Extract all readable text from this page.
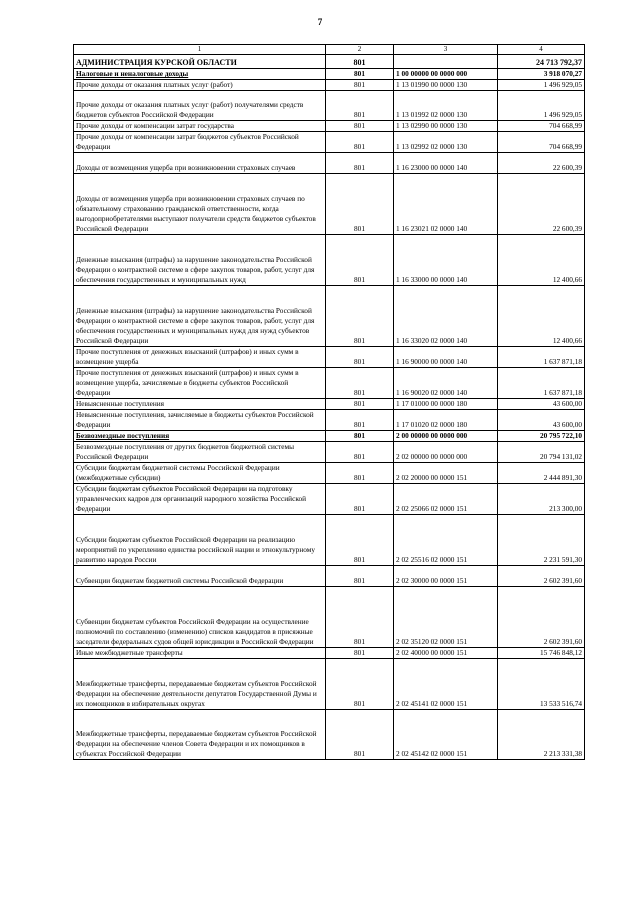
7
1	2	3	4
АДМИНИСТРАЦИЯ КУРСКОЙ ОБЛАСТИ	801		24 713 792,37
Налоговые и неналоговые доходы	801	1 00 00000 00 0000 000	3 918 070,27
Прочие доходы от оказания платных услуг (работ)	801	1 13 01990 00 0000 130	1 496 929,05
Прочие доходы от оказания платных услуг (работ) получателями средств бюджетов субъектов Российской Федерации	801	1 13 01992 02 0000 130	1 496 929,05
Прочие доходы от компенсации затрат государства	801	1 13 02990 00 0000 130	704 668,99
Прочие доходы от компенсации затрат бюджетов субъектов Российской Федерации	801	1 13 02992 02 0000 130	704 668,99
Доходы от возмещения ущерба при возникновении страховых случаев	801	1 16 23000 00 0000 140	22 600,39
Доходы от возмещения ущерба при возникновении страховых случаев по обязательному страхованию гражданской ответственности, когда выгодоприобретателями выступают получатели средств бюджетов субъектов Российской Федерации	801	1 16 23021 02 0000 140	22 600,39
Денежные взыскания (штрафы) за нарушение законодательства Российской Федерации о контрактной системе в сфере закупок товаров, работ, услуг для обеспечения государственных и муниципальных нужд	801	1 16 33000 00 0000 140	12 400,66
Денежные взыскания (штрафы) за нарушение законодательства Российской Федерации о контрактной системе в сфере закупок товаров, работ, услуг для обеспечения государственных и муниципальных нужд для нужд субъектов Российской Федерации	801	1 16 33020 02 0000 140	12 400,66
Прочие поступления от денежных взысканий (штрафов) и иных сумм в возмещение ущерба	801	1 16 90000 00 0000 140	1 637 871,18
Прочие поступления от денежных взысканий (штрафов) и иных сумм в возмещение ущерба, зачисляемые в бюджеты субъектов Российской Федерации	801	1 16 90020 02 0000 140	1 637 871,18
Невыясненные поступления	801	1 17 01000 00 0000 180	43 600,00
Невыясненные поступления, зачисляемые в бюджеты субъектов Российской Федерации	801	1 17 01020 02 0000 180	43 600,00
Безвозмездные поступления	801	2 00 00000 00 0000 000	20 795 722,10
Безвозмездные поступления от других бюджетов бюджетной системы Российской Федерации	801	2 02 00000 00 0000 000	20 794 131,02
Субсидии бюджетам бюджетной системы Российской Федерации (межбюджетные субсидии)	801	2 02 20000 00 0000 151	2 444 891,30
Субсидии бюджетам субъектов Российской Федерации на подготовку управленческих кадров для организаций народного хозяйства Российской Федерации	801	2 02 25066 02 0000 151	213 300,00
Субсидии бюджетам субъектов Российской Федерации на реализацию мероприятий по укреплению единства российской нации и этнокультурному развитию народов России	801	2 02 25516 02 0000 151	2 231 591,30
Субвенции бюджетам бюджетной системы Российской Федерации	801	2 02 30000 00 0000 151	2 602 391,60
Субвенции бюджетам субъектов Российской Федерации на осуществление полномочий по составлению (изменению) списков кандидатов в присяжные заседатели федеральных судов общей юрисдикции в Российской Федерации	801	2 02 35120 02 0000 151	2 602 391,60
Иные межбюджетные трансферты	801	2 02 40000 00 0000 151	15 746 848,12
Межбюджетные трансферты, передаваемые бюджетам субъектов Российской Федерации на обеспечение деятельности депутатов Государственной Думы и их помощников в избирательных округах	801	2 02 45141 02 0000 151	13 533 516,74
Межбюджетные трансферты, передаваемые бюджетам субъектов Российской Федерации на обеспечение членов Совета Федерации и их помощников в субъектах Российской Федерации	801	2 02 45142 02 0000 151	2 213 331,38
